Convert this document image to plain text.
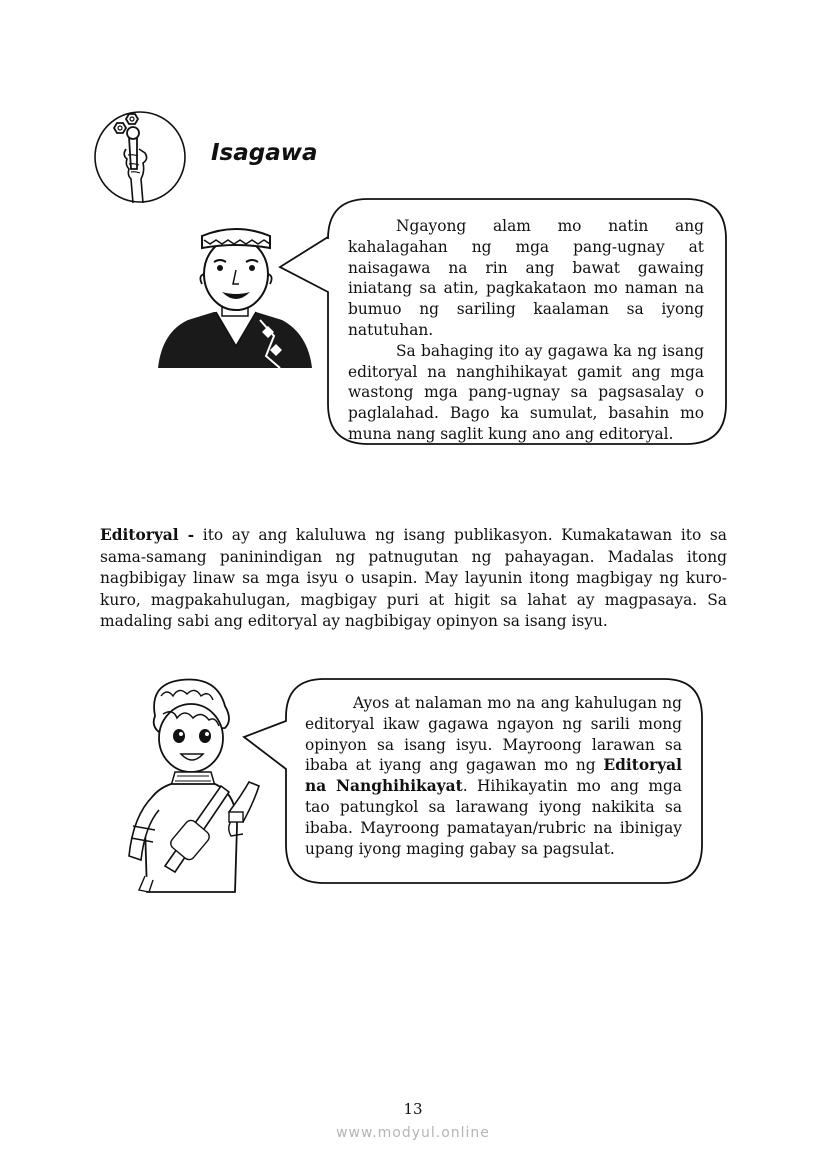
Isagawa

Ngayong alam mo natin ang kahalagahan ng mga pang-ugnay at naisagawa na rin ang bawat gawaing iniatang sa atin, pagkakataon mo naman na bumuo ng sariling kaalaman sa iyong natutuhan.

Sa bahaging ito ay gagawa ka ng isang editoryal na nanghihikayat gamit ang mga wastong mga pang-ugnay sa pagsasalay o paglalahad. Bago ka sumulat, basahin mo muna nang saglit kung ano ang editoryal.

Editoryal - ito ay ang kaluluwa ng isang publikasyon. Kumakatawan ito sa sama-samang paninindigan ng patnugutan ng pahayagan. Madalas itong nagbibigay linaw sa mga isyu o usapin. May layunin itong magbigay ng kuro-kuro, magpakahulugan, magbigay puri at higit sa lahat ay magpasaya. Sa madaling sabi ang editoryal ay nagbibigay opinyon sa isang isyu.

Ayos at nalaman mo na ang kahulugan ng editoryal ikaw gagawa ngayon ng sarili mong opinyon sa isang isyu. Mayroong larawan sa ibaba at iyang ang gagawan mo ng Editoryal na Nanghihikayat. Hihikayatin mo ang mga tao patungkol sa larawang iyong nakikita sa ibaba. Mayroong pamatayan/rubric na ibinigay upang iyong maging gabay sa pagsulat.

13
www.modyul.online
